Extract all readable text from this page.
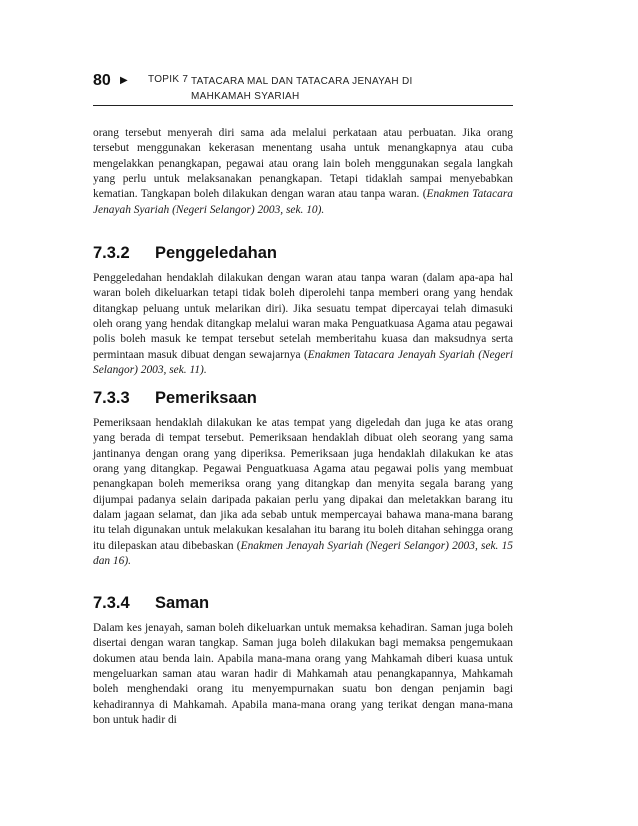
80 ▶ TOPIK 7 TATACARA MAL DAN TATACARA JENAYAH DI
MAHKAMAH SYARIAH

orang tersebut menyerah diri sama ada melalui perkataan atau perbuatan. Jika orang tersebut menggunakan kekerasan menentang usaha untuk menangkapnya atau cuba mengelakkan penangkapan, pegawai atau orang lain boleh menggunakan segala langkah yang perlu untuk melaksanakan penangkapan. Tetapi tidaklah sampai menyebabkan kematian. Tangkapan boleh dilakukan dengan waran atau tanpa waran. (Enakmen Tatacara Jenayah Syariah (Negeri Selangor) 2003, sek. 10).

7.3.2 Penggeledahan

Penggeledahan hendaklah dilakukan dengan waran atau tanpa waran (dalam apa-apa hal waran boleh dikeluarkan tetapi tidak boleh diperolehi tanpa memberi orang yang hendak ditangkap peluang untuk melarikan diri). Jika sesuatu tempat dipercayai telah dimasuki oleh orang yang hendak ditangkap melalui waran maka Penguatkuasa Agama atau pegawai polis boleh masuk ke tempat tersebut setelah memberitahu kuasa dan maksudnya serta permintaan masuk dibuat dengan sewajarnya (Enakmen Tatacara Jenayah Syariah (Negeri Selangor) 2003, sek. 11).

7.3.3 Pemeriksaan

Pemeriksaan hendaklah dilakukan ke atas tempat yang digeledah dan juga ke atas orang yang berada di tempat tersebut. Pemeriksaan hendaklah dibuat oleh seorang yang sama jantinanya dengan orang yang diperiksa. Pemeriksaan juga hendaklah dilakukan ke atas orang yang ditangkap. Pegawai Penguatkuasa Agama atau pegawai polis yang membuat penangkapan boleh memeriksa orang yang ditangkap dan menyita segala barang yang dijumpai padanya selain daripada pakaian perlu yang dipakai dan meletakkan barang itu dalam jagaan selamat, dan jika ada sebab untuk mempercayai bahawa mana-mana barang itu telah digunakan untuk melakukan kesalahan itu barang itu boleh ditahan sehingga orang itu dilepaskan atau dibebaskan (Enakmen Jenayah Syariah (Negeri Selangor) 2003, sek. 15 dan 16).

7.3.4 Saman

Dalam kes jenayah, saman boleh dikeluarkan untuk memaksa kehadiran. Saman juga boleh disertai dengan waran tangkap. Saman juga boleh dilakukan bagi memaksa pengemukaan dokumen atau benda lain. Apabila mana-mana orang yang Mahkamah diberi kuasa untuk mengeluarkan saman atau waran hadir di Mahkamah atau penangkapannya, Mahkamah boleh menghendaki orang itu menyempurnakan suatu bon dengan penjamin bagi kehadirannya di Mahkamah. Apabila mana-mana orang yang terikat dengan mana-mana bon untuk hadir di
